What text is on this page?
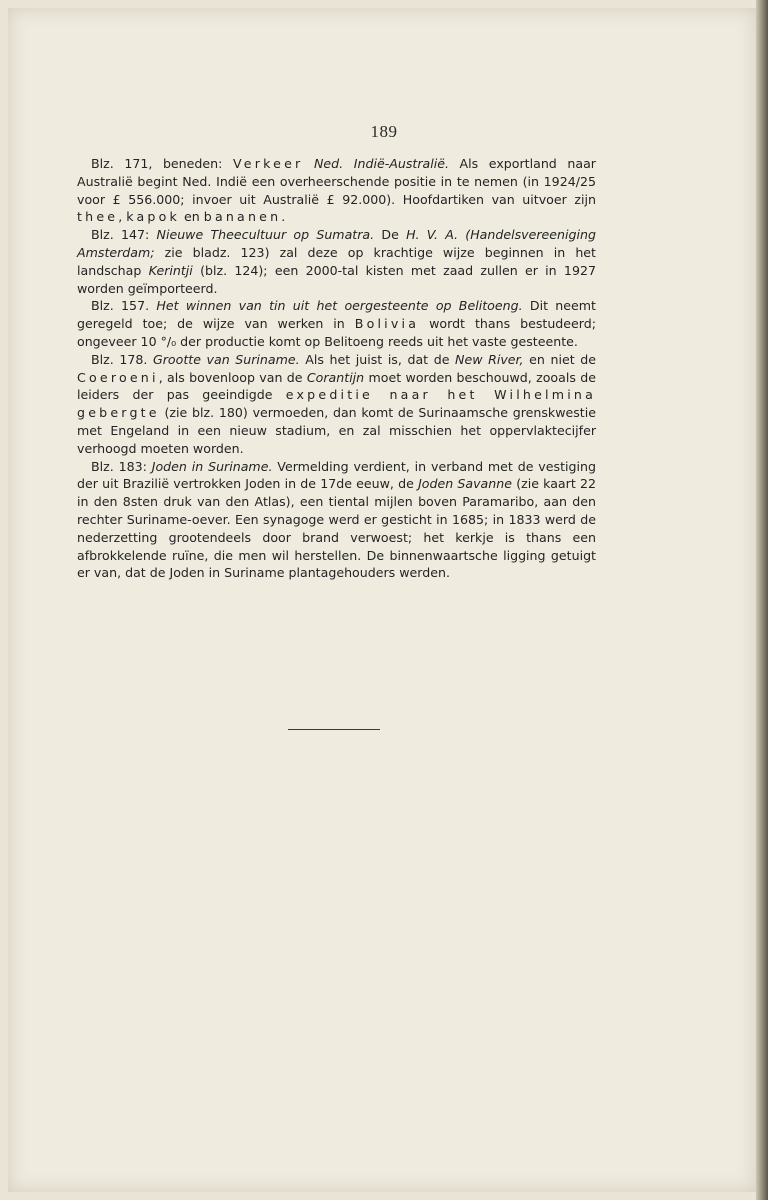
189

Blz. 171, beneden: Verkeer Ned. Indië-Australië. Als exportland naar Australië begint Ned. Indië een overheerschende positie in te nemen (in 1924/25 voor £ 556.000; invoer uit Australië £ 92.000). Hoofdartiken van uitvoer zijn thee, kapok en bananen.

Blz. 147: Nieuwe Theecultuur op Sumatra. De H. V. A. (Handelsvereeniging Amsterdam; zie bladz. 123) zal deze op krachtige wijze beginnen in het landschap Kerintji (blz. 124); een 2000-tal kisten met zaad zullen er in 1927 worden geïmporteerd.

Blz. 157. Het winnen van tin uit het oergesteente op Belitoeng. Dit neemt geregeld toe; de wijze van werken in Bolivia wordt thans bestudeerd; ongeveer 10 °/₀ der productie komt op Belitoeng reeds uit het vaste gesteente.

Blz. 178. Grootte van Suriname. Als het juist is, dat de New River, en niet de Coeroeni, als bovenloop van de Corantijn moet worden beschouwd, zooals de leiders der pas geeindigde expeditie naar het Wilhelmina gebergte (zie blz. 180) vermoeden, dan komt de Surinaamsche grenskwestie met Engeland in een nieuw stadium, en zal misschien het oppervlaktecijfer verhoogd moeten worden.

Blz. 183: Joden in Suriname. Vermelding verdient, in verband met de vestiging der uit Brazilië vertrokken Joden in de 17de eeuw, de Joden Savanne (zie kaart 22 in den 8sten druk van den Atlas), een tiental mijlen boven Paramaribo, aan den rechter Suriname-oever. Een synagoge werd er gesticht in 1685; in 1833 werd de nederzetting grootendeels door brand verwoest; het kerkje is thans een afbrokkelende ruïne, die men wil herstellen. De binnenwaartsche ligging getuigt er van, dat de Joden in Suriname plantagehouders werden.
